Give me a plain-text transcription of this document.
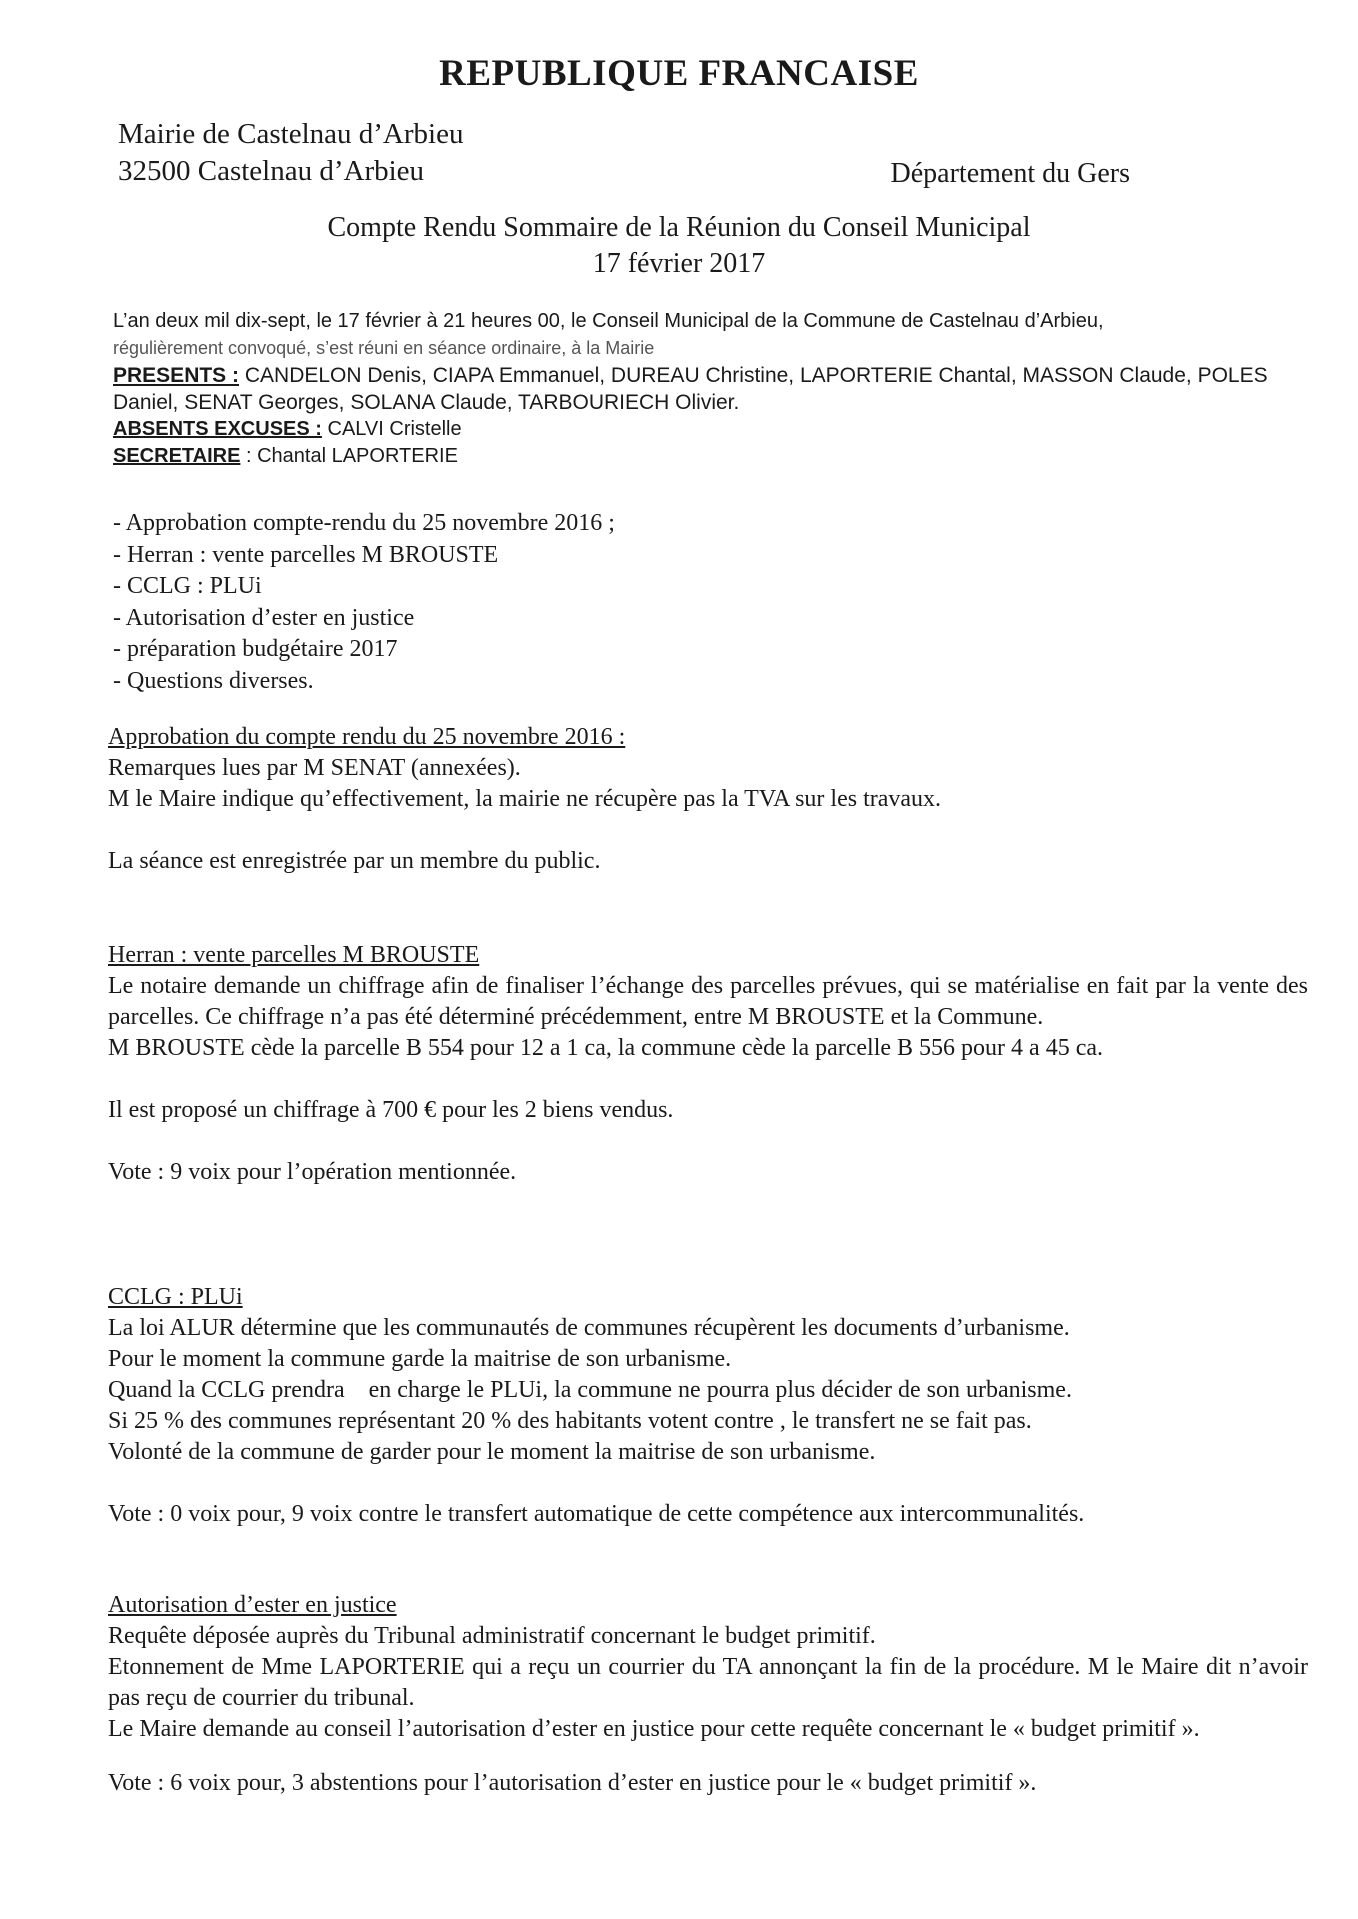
REPUBLIQUE FRANCAISE
Mairie de Castelnau d’Arbieu
32500 Castelnau d’Arbieu	Département du Gers
Compte Rendu Sommaire de la Réunion du Conseil Municipal
17 février 2017

L’an deux mil dix-sept, le 17 février à 21 heures 00, le Conseil Municipal de la Commune de Castelnau d’Arbieu,

régulièrement convoqué, s’est réuni en séance ordinaire, à la Mairie

PRESENTS : CANDELON Denis, CIAPA Emmanuel, DUREAU Christine, LAPORTERIE Chantal, MASSON Claude, POLES Daniel, SENAT Georges, SOLANA Claude, TARBOURIECH Olivier.

ABSENTS EXCUSES : CALVI Cristelle

SECRETAIRE : Chantal LAPORTERIE

- Approbation compte-rendu du 25 novembre 2016 ;
- Herran : vente parcelles M BROUSTE
- CCLG : PLUi
- Autorisation d’ester en justice
- préparation budgétaire 2017
- Questions diverses.

Approbation du compte rendu du 25 novembre 2016 :

Remarques lues par M SENAT (annexées).

M le Maire indique qu’effectivement, la mairie ne récupère pas la TVA sur les travaux.

La séance est enregistrée par un membre du public.

Herran : vente parcelles M BROUSTE

Le notaire demande un chiffrage afin de finaliser l’échange des parcelles prévues, qui se matérialise en fait par la vente des parcelles. Ce chiffrage n’a pas été déterminé précédemment, entre M BROUSTE et la Commune.

M BROUSTE cède la parcelle B 554 pour 12 a 1 ca, la commune cède la parcelle B 556 pour 4 a 45 ca.

Il est proposé un chiffrage à 700 € pour les 2 biens vendus.

Vote : 9 voix pour l’opération mentionnée.

CCLG : PLUi

La loi ALUR détermine que les communautés de communes récupèrent les documents d’urbanisme.

Pour le moment la commune garde la maitrise de son urbanisme.

Quand la CCLG prendra    en charge le PLUi, la commune ne pourra plus décider de son urbanisme.

Si 25 % des communes représentant 20 % des habitants votent contre , le transfert ne se fait pas.

Volonté de la commune de garder pour le moment la maitrise de son urbanisme.

Vote : 0 voix pour, 9 voix contre le transfert automatique de cette compétence aux intercommunalités.

Autorisation d’ester en justice

Requête déposée auprès du Tribunal administratif concernant le budget primitif.

Etonnement de Mme LAPORTERIE qui a reçu un courrier du TA annonçant la fin de la procédure. M le Maire dit n’avoir pas reçu de courrier du tribunal.

Le Maire demande au conseil l’autorisation d’ester en justice pour cette requête concernant le « budget primitif ».

Vote : 6 voix pour, 3 abstentions pour l’autorisation d’ester en justice pour le « budget primitif ».
